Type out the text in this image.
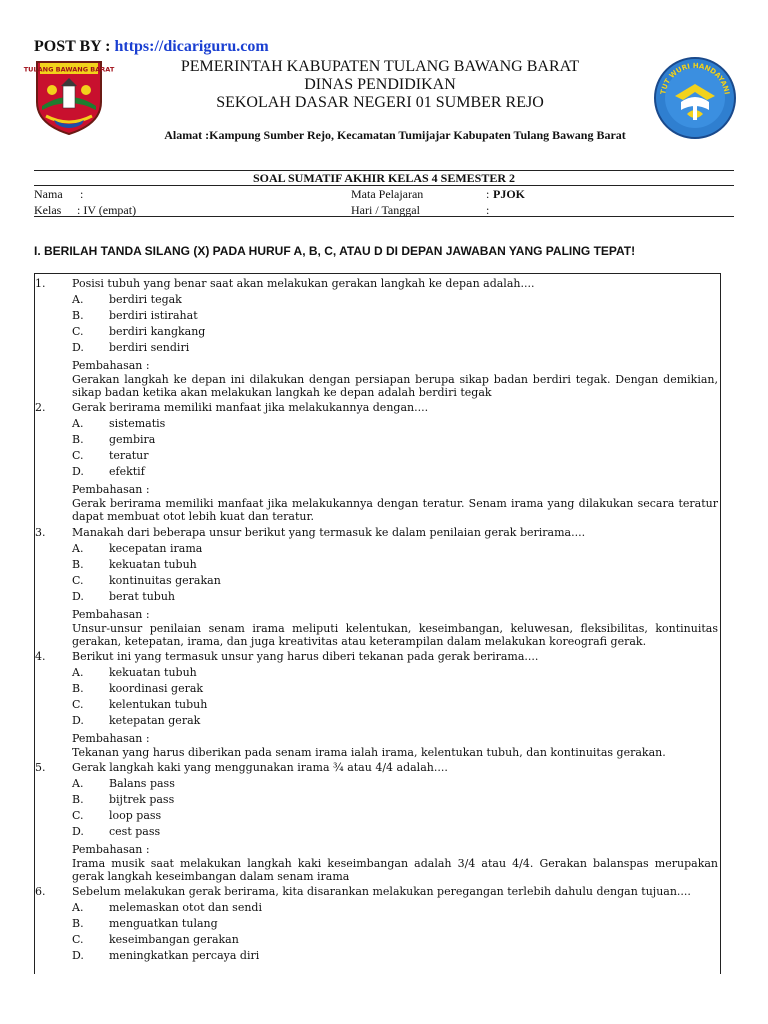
POST BY : https://dicariguru.com
TULANG BAWANG BARAT
TUT WURI HANDAYANI
PEMERINTAH KABUPATEN TULANG BAWANG BARAT
DINAS PENDIDIKAN
SEKOLAH DASAR NEGERI 01 SUMBER REJO
Alamat :Kampung Sumber Rejo, Kecamatan Tumijajar Kabupaten Tulang Bawang Barat
SOAL SUMATIF AKHIR KELAS 4 SEMESTER 2
Nama :
Kelas : IV (empat)
Mata Pelajaran	: PJOK
Hari / Tanggal	:
I. BERILAH TANDA SILANG (X) PADA HURUF A, B, C, ATAU D DI DEPAN JAWABAN YANG PALING TEPAT!
1. Posisi tubuh yang benar saat akan melakukan gerakan langkah ke depan adalah....
A. berdiri tegak
B. berdiri istirahat
C. berdiri kangkang
D. berdiri sendiri
Pembahasan :
Gerakan langkah ke depan ini dilakukan dengan persiapan berupa sikap badan berdiri tegak. Dengan demikian, sikap badan ketika akan melakukan langkah ke depan adalah berdiri tegak
2. Gerak berirama memiliki manfaat jika melakukannya dengan....
A. sistematis
B. gembira
C. teratur
D. efektif
Pembahasan :
Gerak berirama memiliki manfaat jika melakukannya dengan teratur. Senam irama yang dilakukan secara teratur dapat membuat otot lebih kuat dan teratur.
3. Manakah dari beberapa unsur berikut yang termasuk ke dalam penilaian gerak berirama....
A. kecepatan irama
B. kekuatan tubuh
C. kontinuitas gerakan
D. berat tubuh
Pembahasan :
Unsur-unsur penilaian senam irama meliputi kelentukan, keseimbangan, keluwesan, fleksibilitas, kontinuitas gerakan, ketepatan, irama, dan juga kreativitas atau keterampilan dalam melakukan koreografi gerak.
4. Berikut ini yang termasuk unsur yang harus diberi tekanan pada gerak berirama....
A. kekuatan tubuh
B. koordinasi gerak
C. kelentukan tubuh
D. ketepatan gerak
Pembahasan :
Tekanan yang harus diberikan pada senam irama ialah irama, kelentukan tubuh, dan kontinuitas gerakan.
5. Gerak langkah kaki yang menggunakan irama ¾ atau 4/4 adalah....
A. Balans pass
B. bijtrek pass
C. loop pass
D. cest pass
Pembahasan :
Irama musik saat melakukan langkah kaki keseimbangan adalah 3/4 atau 4/4. Gerakan balanspas merupakan gerak langkah keseimbangan dalam senam irama
6. Sebelum melakukan gerak berirama, kita disarankan melakukan peregangan terlebih dahulu dengan tujuan....
A. melemaskan otot dan sendi
B. menguatkan tulang
C. keseimbangan gerakan
D. meningkatkan percaya diri
